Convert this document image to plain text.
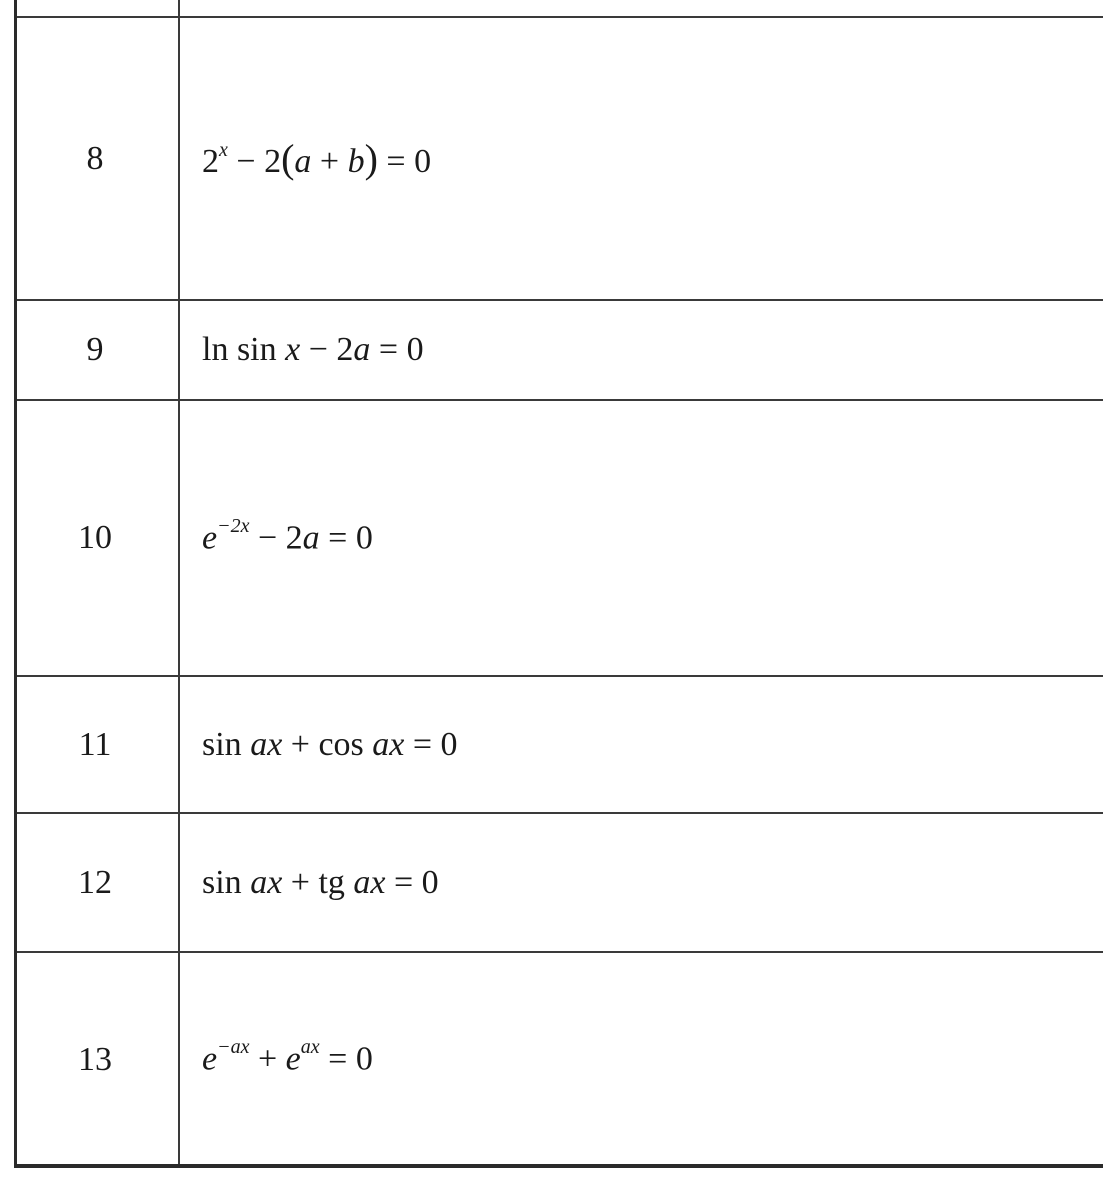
8	$2^x - 2(a + b) = 0$
9	ln sin x − 2a = 0
10	$e^{-2x} - 2a = 0$
11	sin ax + cos ax = 0
12	sin ax + tg ax = 0
13	$e^{-ax} + e^{ax} = 0$
